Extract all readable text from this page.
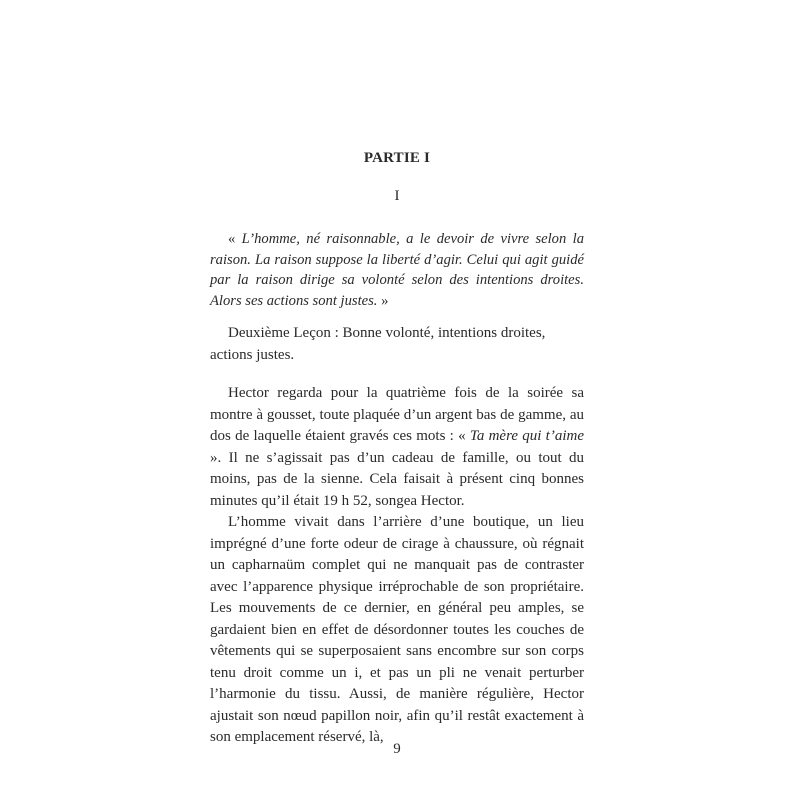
PARTIE I
I

« L’homme, né raisonnable, a le devoir de vivre selon la raison. La raison suppose la liberté d’agir. Celui qui agit guidé par la raison dirige sa volonté selon des intentions droites. Alors ses actions sont justes. »

Deuxième Leçon : Bonne volonté, intentions droites, actions justes.

Hector regarda pour la quatrième fois de la soirée sa montre à gousset, toute plaquée d’un argent bas de gamme, au dos de laquelle étaient gravés ces mots : « Ta mère qui t’aime ». Il ne s’agissait pas d’un cadeau de famille, ou tout du moins, pas de la sienne. Cela faisait à présent cinq bonnes minutes qu’il était 19 h 52, songea Hector.

L’homme vivait dans l’arrière d’une boutique, un lieu imprégné d’une forte odeur de cirage à chaussure, où régnait un capharnaüm complet qui ne manquait pas de contraster avec l’apparence physique irréprochable de son propriétaire. Les mouvements de ce dernier, en général peu amples, se gardaient bien en effet de désordonner toutes les couches de vêtements qui se superposaient sans encombre sur son corps tenu droit comme un i, et pas un pli ne venait perturber l’harmonie du tissu. Aussi, de manière régulière, Hector ajustait son nœud papillon noir, afin qu’il restât exactement à son emplacement réservé, là,

9
